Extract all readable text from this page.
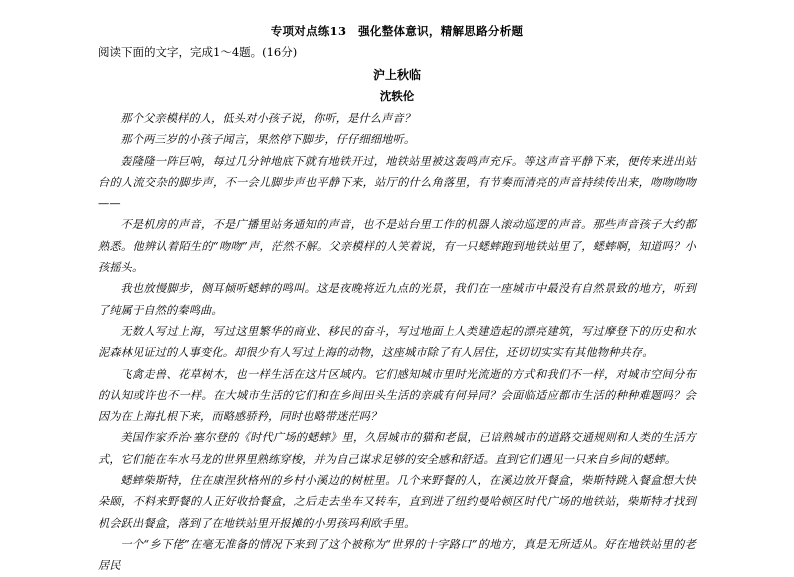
专项对点练13　强化整体意识，精解思路分析题

阅读下面的文字，完成1～4题。(16分)

沪上秋临
沈轶伦

那个父亲模样的人，低头对小孩子说，你听，是什么声音？

那个两三岁的小孩子闻言，果然停下脚步，仔仔细细地听。

轰隆隆一阵巨响，每过几分钟地底下就有地铁开过，地铁站里被这轰鸣声充斥。等这声音平静下来，便传来进出站台的人流交杂的脚步声，不一会儿脚步声也平静下来，站厅的什么角落里，有节奏而清亮的声音持续传出来，吻吻吻吻——

不是机房的声音，不是广播里站务通知的声音，也不是站台里工作的机器人滚动巡逻的声音。那些声音孩子大约都熟悉。他辨认着陌生的“吻吻”声，茫然不解。父亲模样的人笑着说，有一只蟋蟀跑到地铁站里了，蟋蟀啊，知道吗？小孩摇头。

我也放慢脚步，侧耳倾听蟋蟀的鸣叫。这是夜晚将近九点的光景，我们在一座城市中最没有自然景致的地方，听到了纯属于自然的秦鸣曲。

无数人写过上海，写过这里繁华的商业、移民的奋斗，写过地面上人类建造起的漂亮建筑，写过摩登下的历史和水泥森林见证过的人事变化。却很少有人写过上海的动物，这座城市除了有人居住，还切切实实有其他物种共存。

飞禽走兽、花草树木，也一样生活在这片区域内。它们感知城市里时光流逝的方式和我们不一样，对城市空间分布的认知或许也不一样。在大城市生活的它们和在乡间田头生活的亲戚有何异同？会面临适应都市生活的种种难题吗？会因为在上海扎根下来，而略感骄矜，同时也略带迷茫吗？

美国作家乔治·塞尔登的《时代广场的蟋蟀》里，久居城市的猫和老鼠，已谙熟城市的道路交通规则和人类的生活方式，它们能在车水马龙的世界里熟练穿梭，并为自己谋求足够的安全感和舒适。直到它们遇见一只来自乡间的蟋蟀。

蟋蟀柴斯特，住在康涅狄格州的乡村小溪边的树桩里。几个来野餐的人，在溪边放开餐盒，柴斯特跳入餐盒想大快朵颐，不料来野餐的人正好收拾餐盒，之后走去坐车又转车，直到进了纽约曼哈顿区时代广场的地铁站，柴斯特才找到机会跃出餐盒，落到了在地铁站里开报摊的小男孩玛利欧手里。

一个“乡下佬”在毫无准备的情况下来到了这个被称为“世界的十字路口”的地方，真是无所适从。好在地铁站里的老居民
